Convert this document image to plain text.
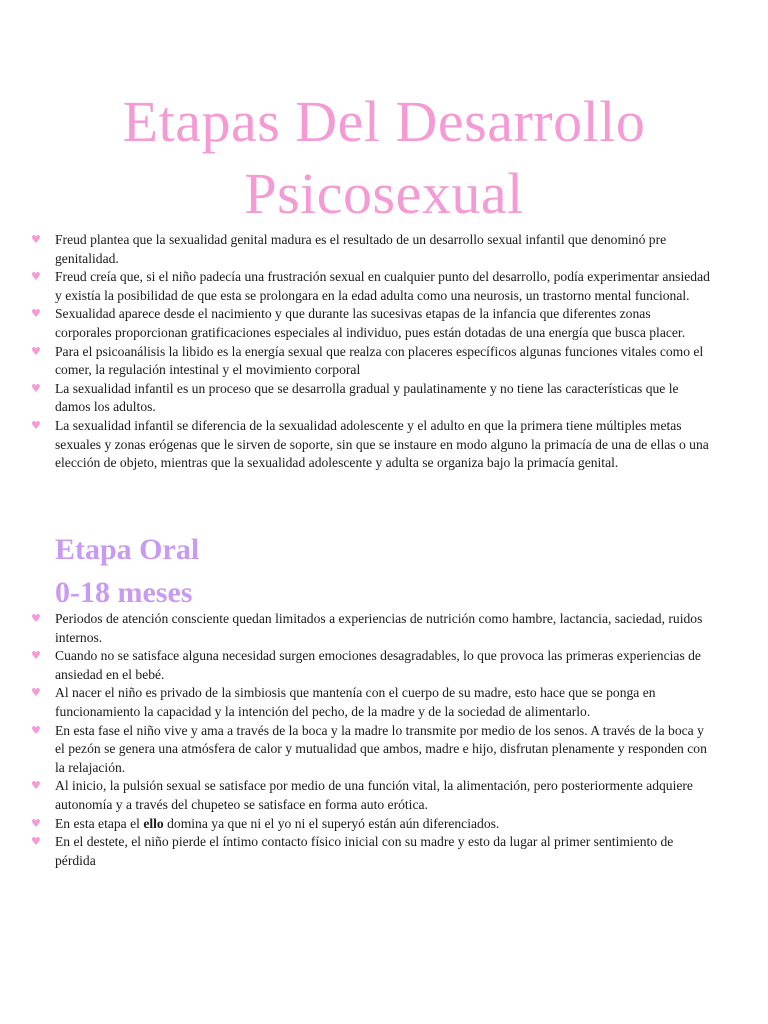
Etapas Del Desarrollo Psicosexual
♥ Freud plantea que la sexualidad genital madura es el resultado de un desarrollo sexual infantil que denominó pre genitalidad.
♥ Freud creía que, si el niño padecía una frustración sexual en cualquier punto del desarrollo, podía experimentar ansiedad y existía la posibilidad de que esta se prolongara en la edad adulta como una neurosis, un trastorno mental funcional.
♥ Sexualidad aparece desde el nacimiento y que durante las sucesivas etapas de la infancia que diferentes zonas corporales proporcionan gratificaciones especiales al individuo, pues están dotadas de una energía que busca placer.
♥ Para el psicoanálisis la libido es la energía sexual que realza con placeres específicos algunas funciones vitales como el comer, la regulación intestinal y el movimiento corporal
♥ La sexualidad infantil es un proceso que se desarrolla gradual y paulatinamente y no tiene las características que le damos los adultos.
♥ La sexualidad infantil se diferencia de la sexualidad adolescente y el adulto en que la primera tiene múltiples metas sexuales y zonas erógenas que le sirven de soporte, sin que se instaure en modo alguno la primacía de una de ellas o una elección de objeto, mientras que la sexualidad adolescente y adulta se organiza bajo la primacía genital.
Etapa Oral
0-18 meses
♥ Periodos de atención consciente quedan limitados a experiencias de nutrición como hambre, lactancia, saciedad, ruidos internos.
♥ Cuando no se satisface alguna necesidad surgen emociones desagradables, lo que provoca las primeras experiencias de ansiedad en el bebé.
♥ Al nacer el niño es privado de la simbiosis que mantenía con el cuerpo de su madre, esto hace que se ponga en funcionamiento la capacidad y la intención del pecho, de la madre y de la sociedad de alimentarlo.
♥ En esta fase el niño vive y ama a través de la boca y la madre lo transmite por medio de los senos. A través de la boca y el pezón se genera una atmósfera de calor y mutualidad que ambos, madre e hijo, disfrutan plenamente y responden con la relajación.
♥ Al inicio, la pulsión sexual se satisface por medio de una función vital, la alimentación, pero posteriormente adquiere autonomía y a través del chupeteo se satisface en forma auto erótica.
♥ En esta etapa el ello domina ya que ni el yo ni el superyó están aún diferenciados.
♥ En el destete, el niño pierde el íntimo contacto físico inicial con su madre y esto da lugar al primer sentimiento de pérdida
